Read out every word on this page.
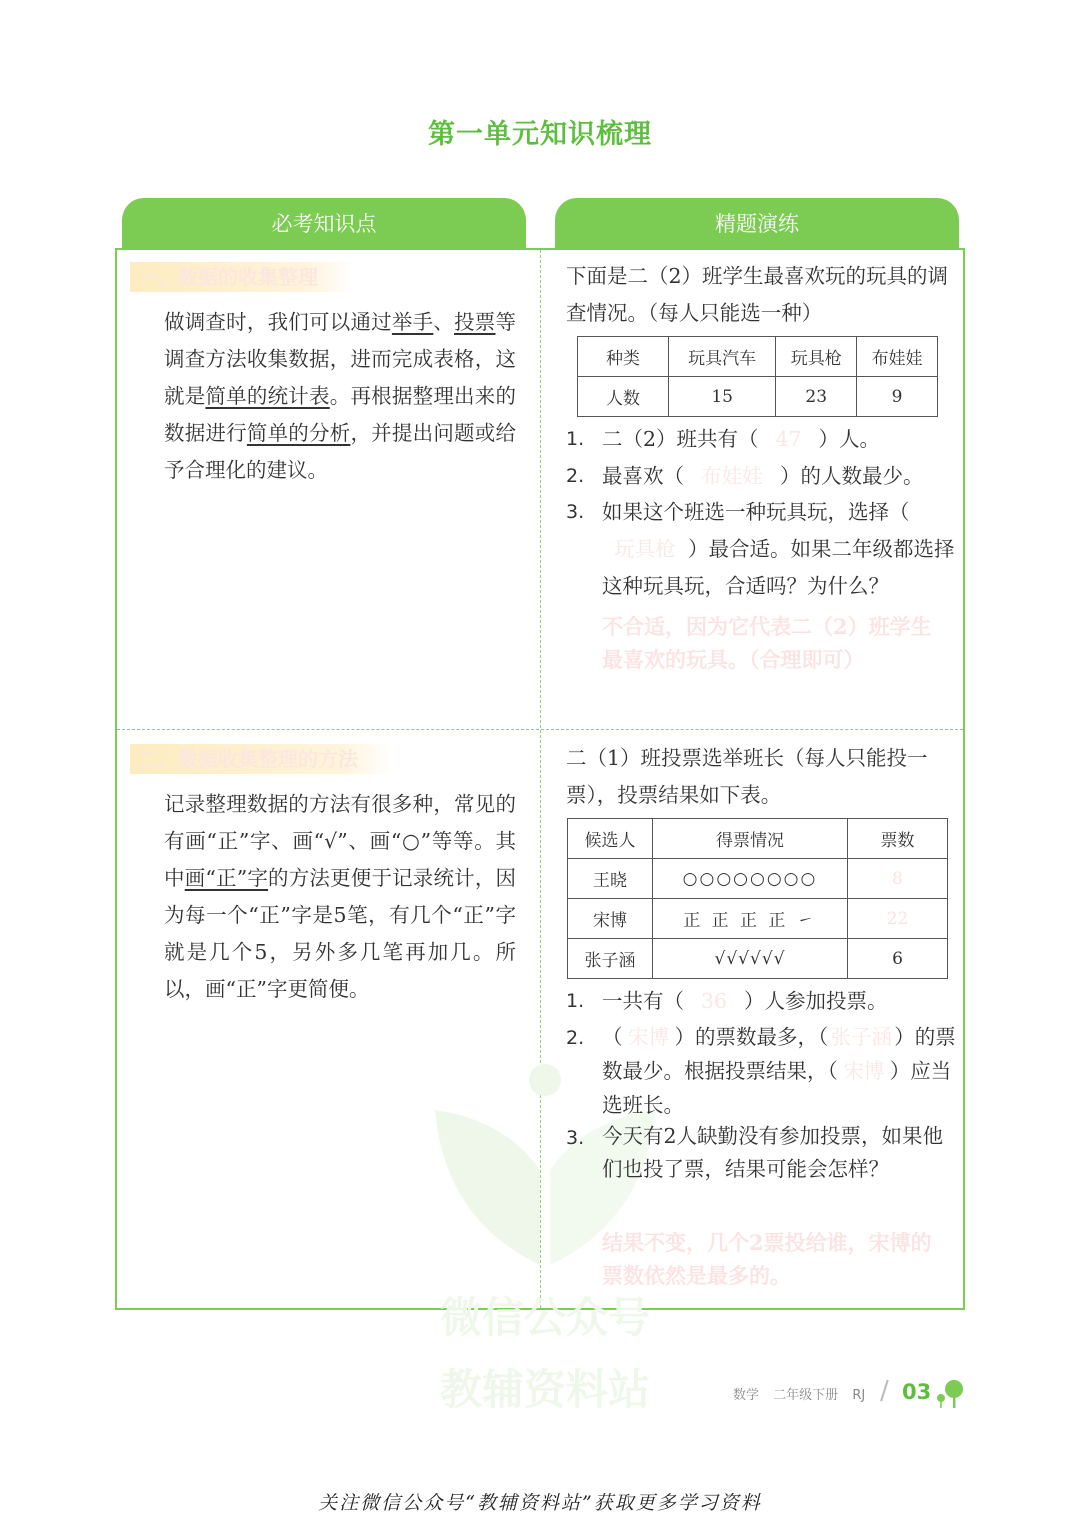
第一单元知识梳理
必考知识点	精题演练
微信公众号
教辅资料站
一、数据的收集整理
做调查时，我们可以通过举手、投票等调查方法收集数据，进而完成表格，这就是简单的统计表。再根据整理出来的数据进行简单的分析，并提出问题或给予合理化的建议。
二、数据收集整理的方法
记录整理数据的方法有很多种，常见的有画“正”字、画“√”、画“○”等等。其中画“正”字的方法更便于记录统计，因为每一个“正”字是5笔，有几个“正”字就是几个5，另外多几笔再加几。所以，画“正”字更简便。
下面是二（2）班学生最喜欢玩的玩具的调查情况。（每人只能选一种）
种类	玩具汽车	玩具枪	布娃娃
人数	15	23	9
1. 二（2）班共有（ 47 ）人。
2. 最喜欢（ 布娃娃 ）的人数最少。
3. 如果这个班选一种玩具玩，选择（玩具枪 ）最合适。如果二年级都选择这种玩具玩，合适吗？为什么？
不合适，因为它代表二（2）班学生最喜欢的玩具。（合理即可）
二（1）班投票选举班长（每人只能投一票），投票结果如下表。
候选人	得票情况	票数
王晓	○○○○○○○○	8
宋博	正 正 正 正 ㇀	22
张子涵	√√√√√√	6
1. 一共有（ 36 ）人参加投票。
2. （ 宋博 ）的票数最多，（ 张子涵 ）的票数最少。根据投票结果，（ 宋博 ）应当选班长。
3. 今天有2人缺勤没有参加投票，如果他们也投了票，结果可能会怎样？
结果不变，几个2票投给谁，宋博的票数依然是最多的。
数学 二年级下册 RJ / 03
关注微信公众号“教辅资料站”获取更多学习资料
